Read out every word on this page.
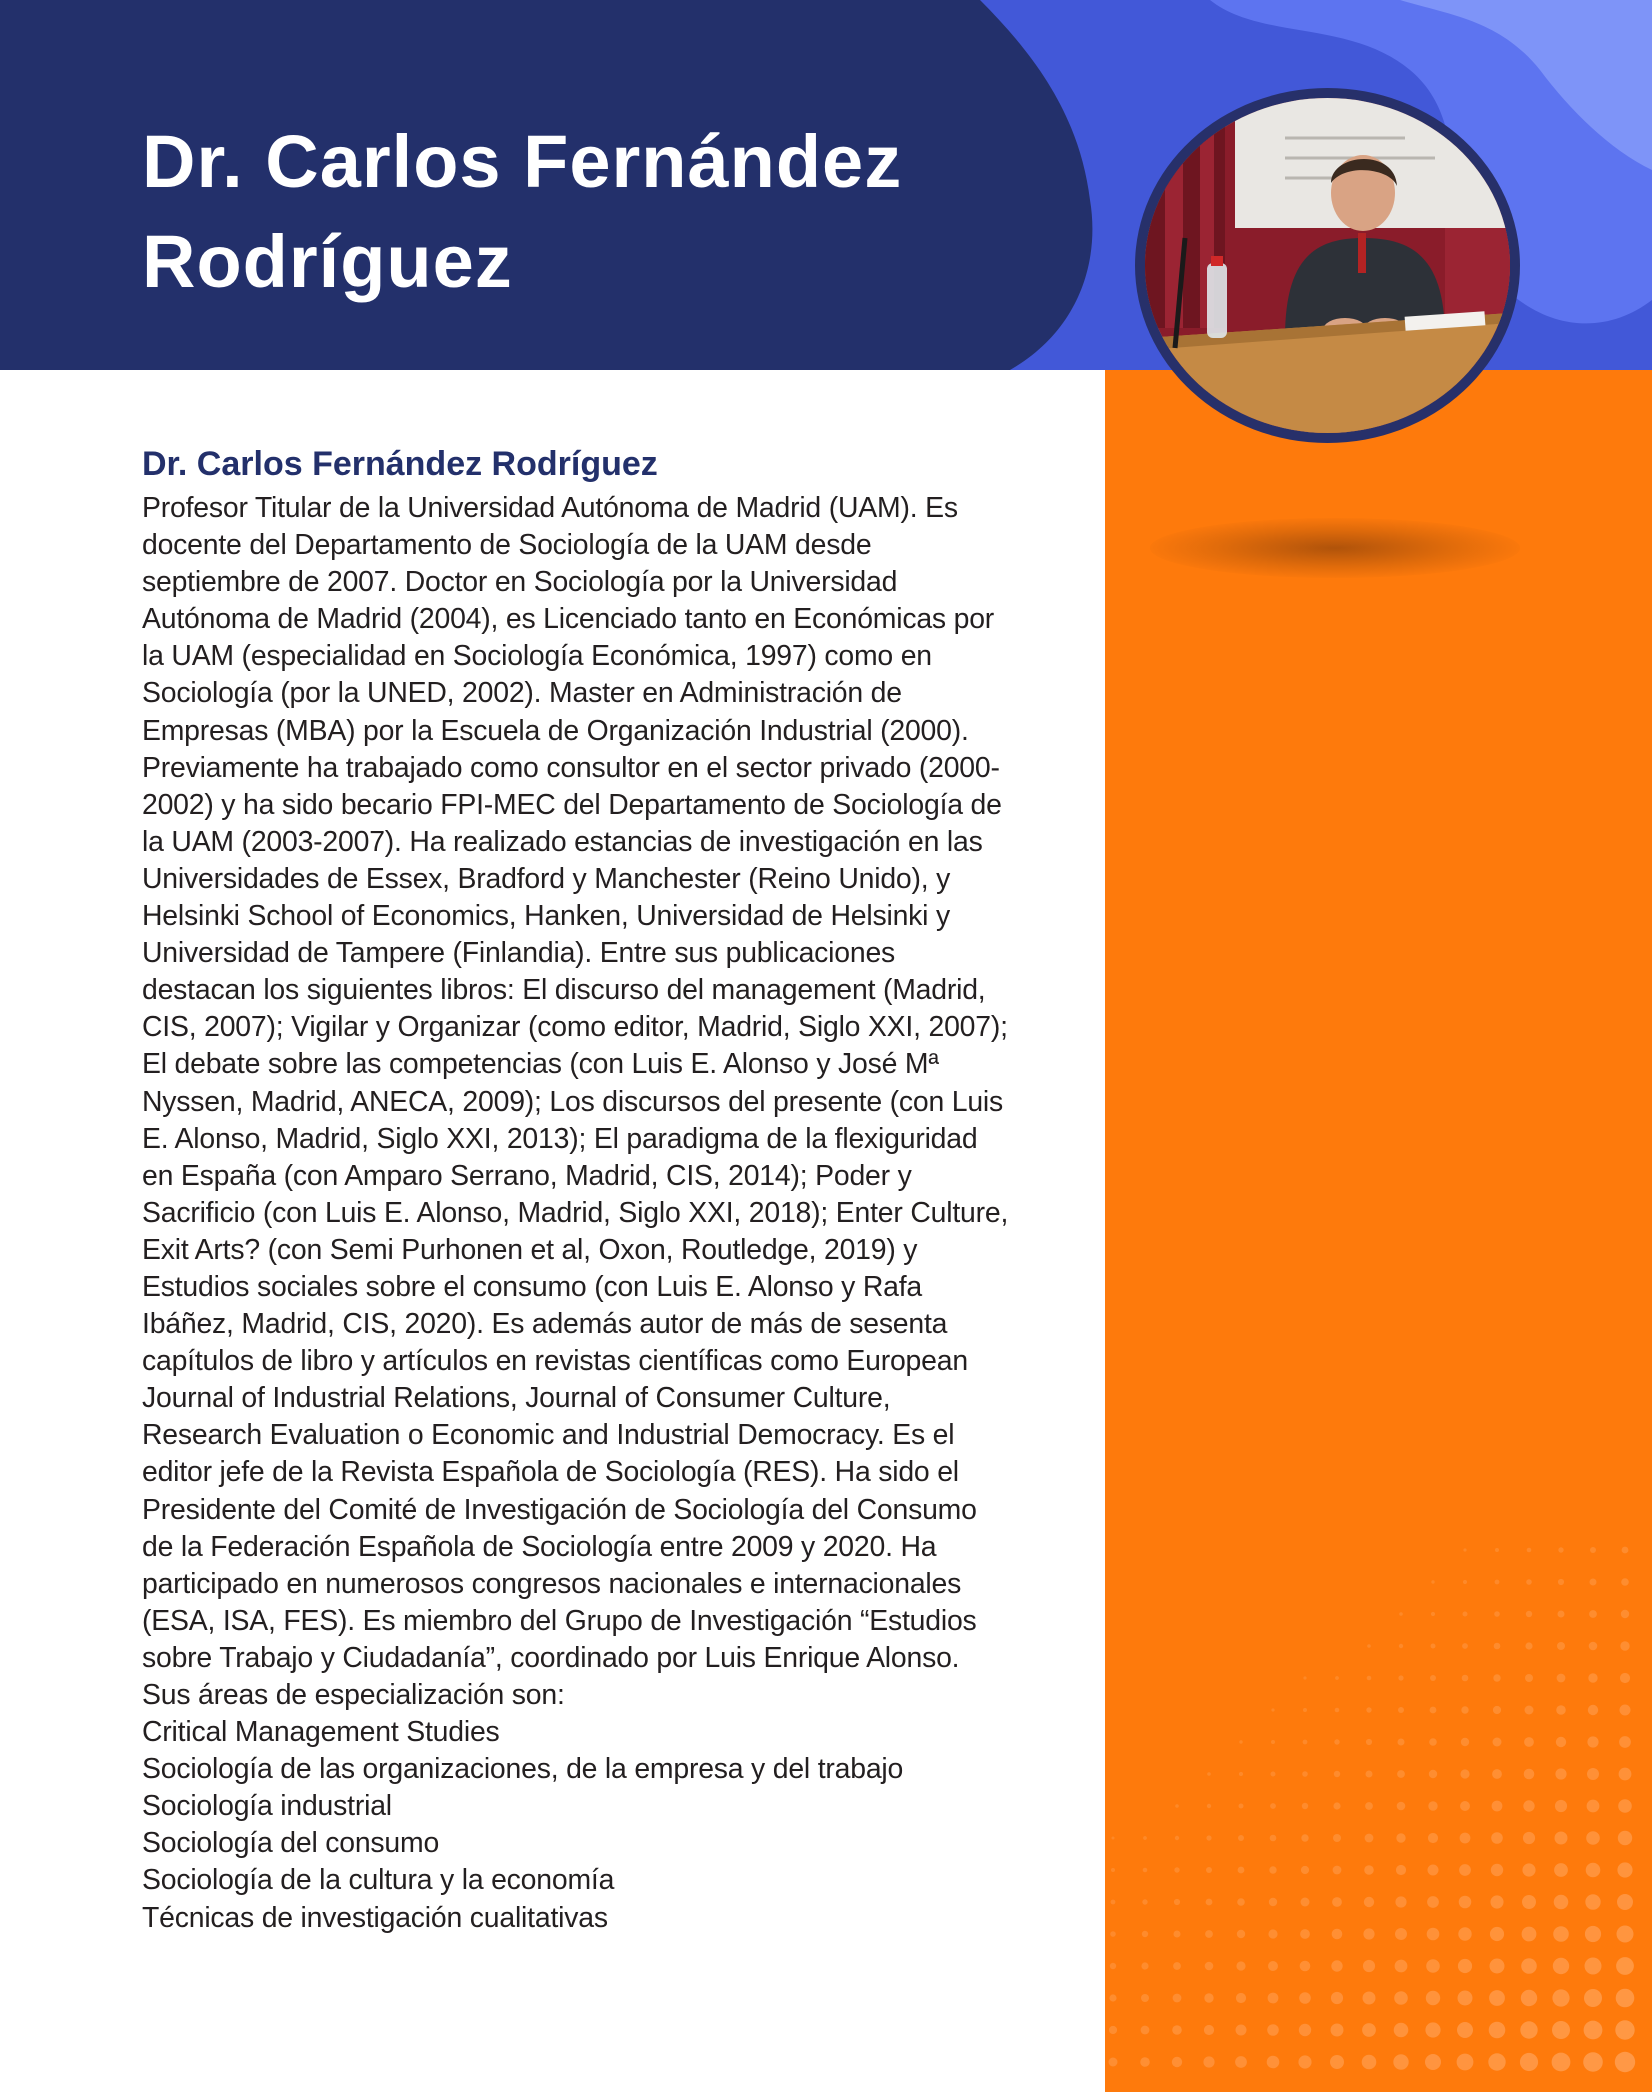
Dr. Carlos Fernández Rodríguez
Dr. Carlos Fernández Rodríguez

Profesor Titular de la Universidad Autónoma de Madrid (UAM). Es docente del Departamento de Sociología de la UAM desde septiembre de 2007. Doctor en Sociología por la Universidad Autónoma de Madrid (2004), es Licenciado tanto en Económicas por la UAM (especialidad en Sociología Económica, 1997) como en Sociología (por la UNED, 2002). Master en Administración de Empresas (MBA) por la Escuela de Organización Industrial (2000). Previamente ha trabajado como consultor en el sector privado (2000-2002) y ha sido becario FPI-MEC del Departamento de Sociología de la UAM (2003-2007). Ha realizado estancias de investigación en las Universidades de Essex, Bradford y Manchester (Reino Unido), y Helsinki School of Economics, Hanken, Universidad de Helsinki y Universidad de Tampere (Finlandia). Entre sus publicaciones destacan los siguientes libros: El discurso del management (Madrid, CIS, 2007); Vigilar y Organizar (como editor, Madrid, Siglo XXI, 2007); El debate sobre las competencias (con Luis E. Alonso y José Mª Nyssen, Madrid, ANECA, 2009); Los discursos del presente (con Luis E. Alonso, Madrid, Siglo XXI, 2013); El paradigma de la flexiguridad en España (con Amparo Serrano, Madrid, CIS, 2014); Poder y Sacrificio (con Luis E. Alonso, Madrid, Siglo XXI, 2018); Enter Culture, Exit Arts? (con Semi Purhonen et al, Oxon, Routledge, 2019) y Estudios sociales sobre el consumo (con Luis E. Alonso y Rafa Ibáñez, Madrid, CIS, 2020). Es además autor de más de sesenta capítulos de libro y artículos en revistas científicas como European Journal of Industrial Relations, Journal of Consumer Culture, Research Evaluation o Economic and Industrial Democracy. Es el editor jefe de la Revista Española de Sociología (RES). Ha sido el Presidente del Comité de Investigación de Sociología del Consumo de la Federación Española de Sociología entre 2009 y 2020. Ha participado en numerosos congresos nacionales e internacionales (ESA, ISA, FES). Es miembro del Grupo de Investigación “Estudios sobre Trabajo y Ciudadanía”, coordinado por Luis Enrique Alonso. Sus áreas de especialización son:

Critical Management Studies
Sociología de las organizaciones, de la empresa y del trabajo
Sociología industrial
Sociología del consumo
Sociología de la cultura y la economía
Técnicas de investigación cualitativas
